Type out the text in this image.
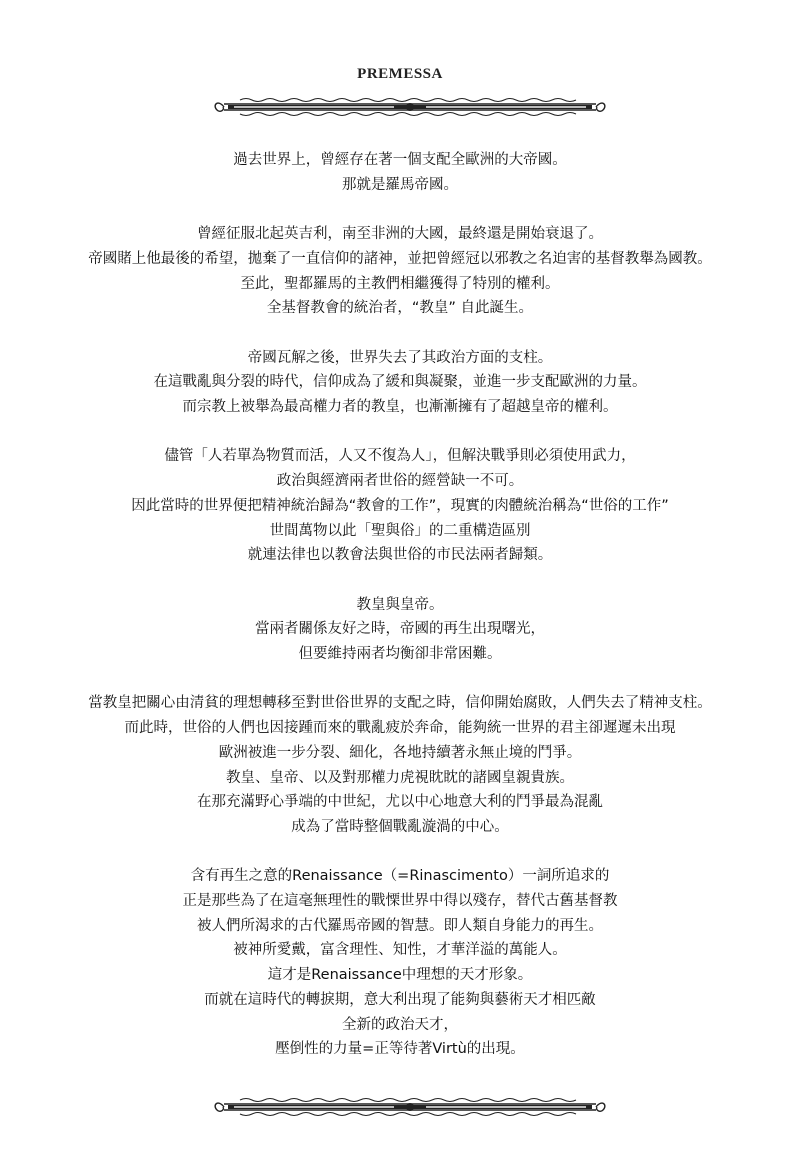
PREMESSA
過去世界上，曾經存在著一個支配全歐洲的大帝國。
那就是羅馬帝國。
曾經征服北起英吉利，南至非洲的大國，最終還是開始衰退了。
帝國賭上他最後的希望，拋棄了一直信仰的諸神，並把曾經冠以邪教之名迫害的基督教舉為國教。
至此，聖都羅馬的主教們相繼獲得了特別的權利。
全基督教會的統治者，“教皇” 自此誕生。
帝國瓦解之後，世界失去了其政治方面的支柱。
在這戰亂與分裂的時代，信仰成為了緩和與凝聚，並進一步支配歐洲的力量。
而宗教上被舉為最高權力者的教皇，也漸漸擁有了超越皇帝的權利。
儘管「人若單為物質而活，人又不復為人」，但解決戰爭則必須使用武力，
政治與經濟兩者世俗的經營缺一不可。
因此當時的世界便把精神統治歸為“教會的工作”，現實的肉體統治稱為“世俗的工作”
世間萬物以此「聖與俗」的二重構造區別
就連法律也以教會法與世俗的市民法兩者歸類。
教皇與皇帝。
當兩者關係友好之時，帝國的再生出現曙光，
但要維持兩者均衡卻非常困難。
當教皇把關心由清貧的理想轉移至對世俗世界的支配之時，信仰開始腐敗，人們失去了精神支柱。
而此時，世俗的人們也因接踵而來的戰亂疲於奔命，能夠統一世界的君主卻遲遲未出現
歐洲被進一步分裂、細化，各地持續著永無止境的鬥爭。
教皇、皇帝、以及對那權力虎視眈眈的諸國皇親貴族。
在那充滿野心爭端的中世紀，尤以中心地意大利的鬥爭最為混亂
成為了當時整個戰亂漩渦的中心。
含有再生之意的Renaissance（=Rinascimento）一詞所追求的
正是那些為了在這毫無理性的戰慄世界中得以殘存，替代古舊基督教
被人們所渴求的古代羅馬帝國的智慧。即人類自身能力的再生。
被神所愛戴，富含理性、知性，才華洋溢的萬能人。
這才是Renaissance中理想的天才形象。
而就在這時代的轉捩期，意大利出現了能夠與藝術天才相匹敵
全新的政治天才，
壓倒性的力量=正等待著Virtù的出現。
